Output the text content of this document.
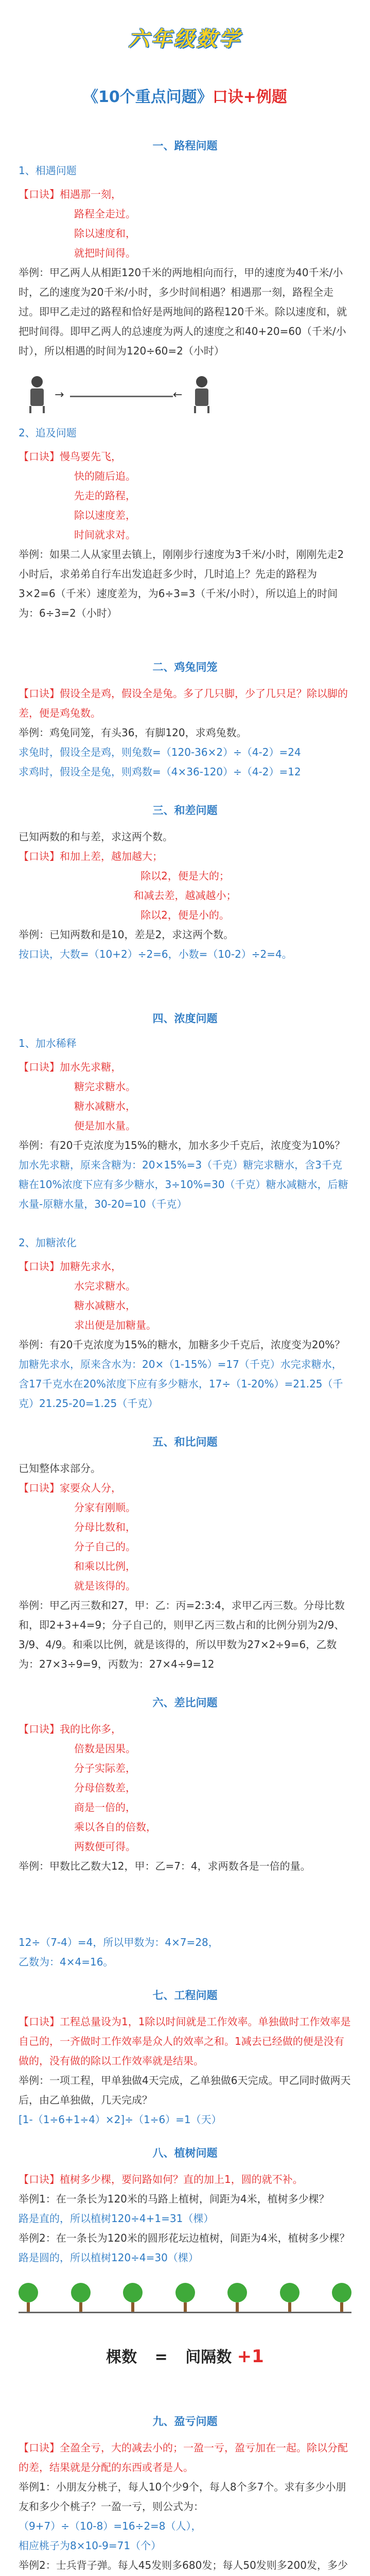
六年级数学
《10个重点问题》口诀+例题
一、路程问题
1、相遇问题
【口诀】相遇那一刻，
路程全走过。
除以速度和，
就把时间得。

举例：甲乙两人从相距120千米的两地相向而行，甲的速度为40千米/小时，乙的速度为20千米/小时，多少时间相遇？相遇那一刻，路程全走过。即甲乙走过的路程和恰好是两地间的路程120千米。除以速度和，就把时间得。即甲乙两人的总速度为两人的速度之和40+20=60（千米/小时），所以相遇的时间为120÷60=2（小时）

→	←
2、追及问题
【口诀】慢鸟要先飞，
快的随后追。
先走的路程，
除以速度差，
时间就求对。

举例：如果二人从家里去镇上，刚刚步行速度为3千米/小时，刚刚先走2小时后，求弟弟自行车出发追赶多少时，几时追上？先走的路程为3×2=6（千米）速度差为，为6÷3=3（千米/小时），所以追上的时间为：6÷3=2（小时）

二、鸡兔同笼

【口诀】假设全是鸡，假设全是兔。多了几只脚，少了几只足？除以脚的差，便是鸡兔数。

举例：鸡兔同笼，有头36，有脚120，求鸡兔数。

求兔时，假设全是鸡，则兔数=（120-36×2）÷（4-2）=24

求鸡时，假设全是兔，则鸡数=（4×36-120）÷（4-2）=12

三、和差问题

已知两数的和与差，求这两个数。

【口诀】和加上差，越加越大；
除以2，便是大的；
和减去差，越减越小；
除以2，便是小的。

举例：已知两数和是10，差是2，求这两个数。

按口诀，大数=（10+2）÷2=6，小数=（10-2）÷2=4。

四、浓度问题
1、加水稀释
【口诀】加水先求糖，
糖完求糖水。
糖水减糖水，
便是加水量。

举例：有20千克浓度为15%的糖水，加水多少千克后，浓度变为10%？

加水先求糖，原来含糖为：20×15%=3（千克）糖完求糖水，含3千克糖在10%浓度下应有多少糖水，3÷10%=30（千克）糖水减糖水，后糖水量-原糖水量，30-20=10（千克）

2、加糖浓化
【口诀】加糖先求水，
水完求糖水。
糖水减糖水，
求出便是加糖量。

举例：有20千克浓度为15%的糖水，加糖多少千克后，浓度变为20%？

加糖先求水，原来含水为：20×（1-15%）=17（千克）水完求糖水，含17千克水在20%浓度下应有多少糖水，17÷（1-20%）=21.25（千克）21.25-20=1.25（千克）

五、和比问题

已知整体求部分。

【口诀】家要众人分，
分家有刚顺。
分母比数和，
分子自己的。
和乘以比例，
就是该得的。

举例：甲乙丙三数和27，甲：乙：丙=2:3:4，求甲乙丙三数。分母比数和，即2+3+4=9；分子自己的，则甲乙丙三数占和的比例分别为2/9、3/9、4/9。和乘以比例，就是该得的，所以甲数为27×2÷9=6，乙数为：27×3÷9=9，丙数为：27×4÷9=12

六、差比问题
【口诀】我的比你多，
倍数是因果。
分子实际差，
分母倍数差，
商是一倍的，
乘以各自的倍数，
两数便可得。

举例：甲数比乙数大12，甲：乙=7：4，求两数各是一倍的量。

12÷（7-4）=4，所以甲数为：4×7=28，

乙数为：4×4=16。

七、工程问题

【口诀】工程总量设为1，1除以时间就是工作效率。单独做时工作效率是自己的，一齐做时工作效率是众人的效率之和。1减去已经做的便是没有做的，没有做的除以工作效率就是结果。

举例：一项工程，甲单独做4天完成，乙单独做6天完成。甲乙同时做两天后，由乙单独做，几天完成？

[1-（1÷6+1÷4）×2]÷（1÷6）=1（天）

八、植树问题

【口诀】植树多少棵，要问路如何？直的加上1，圆的就不补。

举例1：在一条长为120米的马路上植树，间距为4米，植树多少棵？

路是直的，所以植树120÷4+1=31（棵）

举例2：在一条长为120米的圆形花坛边植树，间距为4米，植树多少棵？

路是圆的，所以植树120÷4=30（棵）

棵数 = 间隔数 +1
九、盈亏问题

【口诀】全盈全亏，大的减去小的；一盈一亏，盈亏加在一起。除以分配的差，结果就是分配的东西或者是人。

举例1：小朋友分桃子，每人10个少9个，每人8个多7个。求有多少小朋友和多少个桃子？一盈一亏，则公式为：

（9+7）÷（10-8）=16÷2=8（人），

相应桃子为8×10-9=71（个）

举例2：士兵背子弹。每人45发则多680发；每人50发则多200发，多少
